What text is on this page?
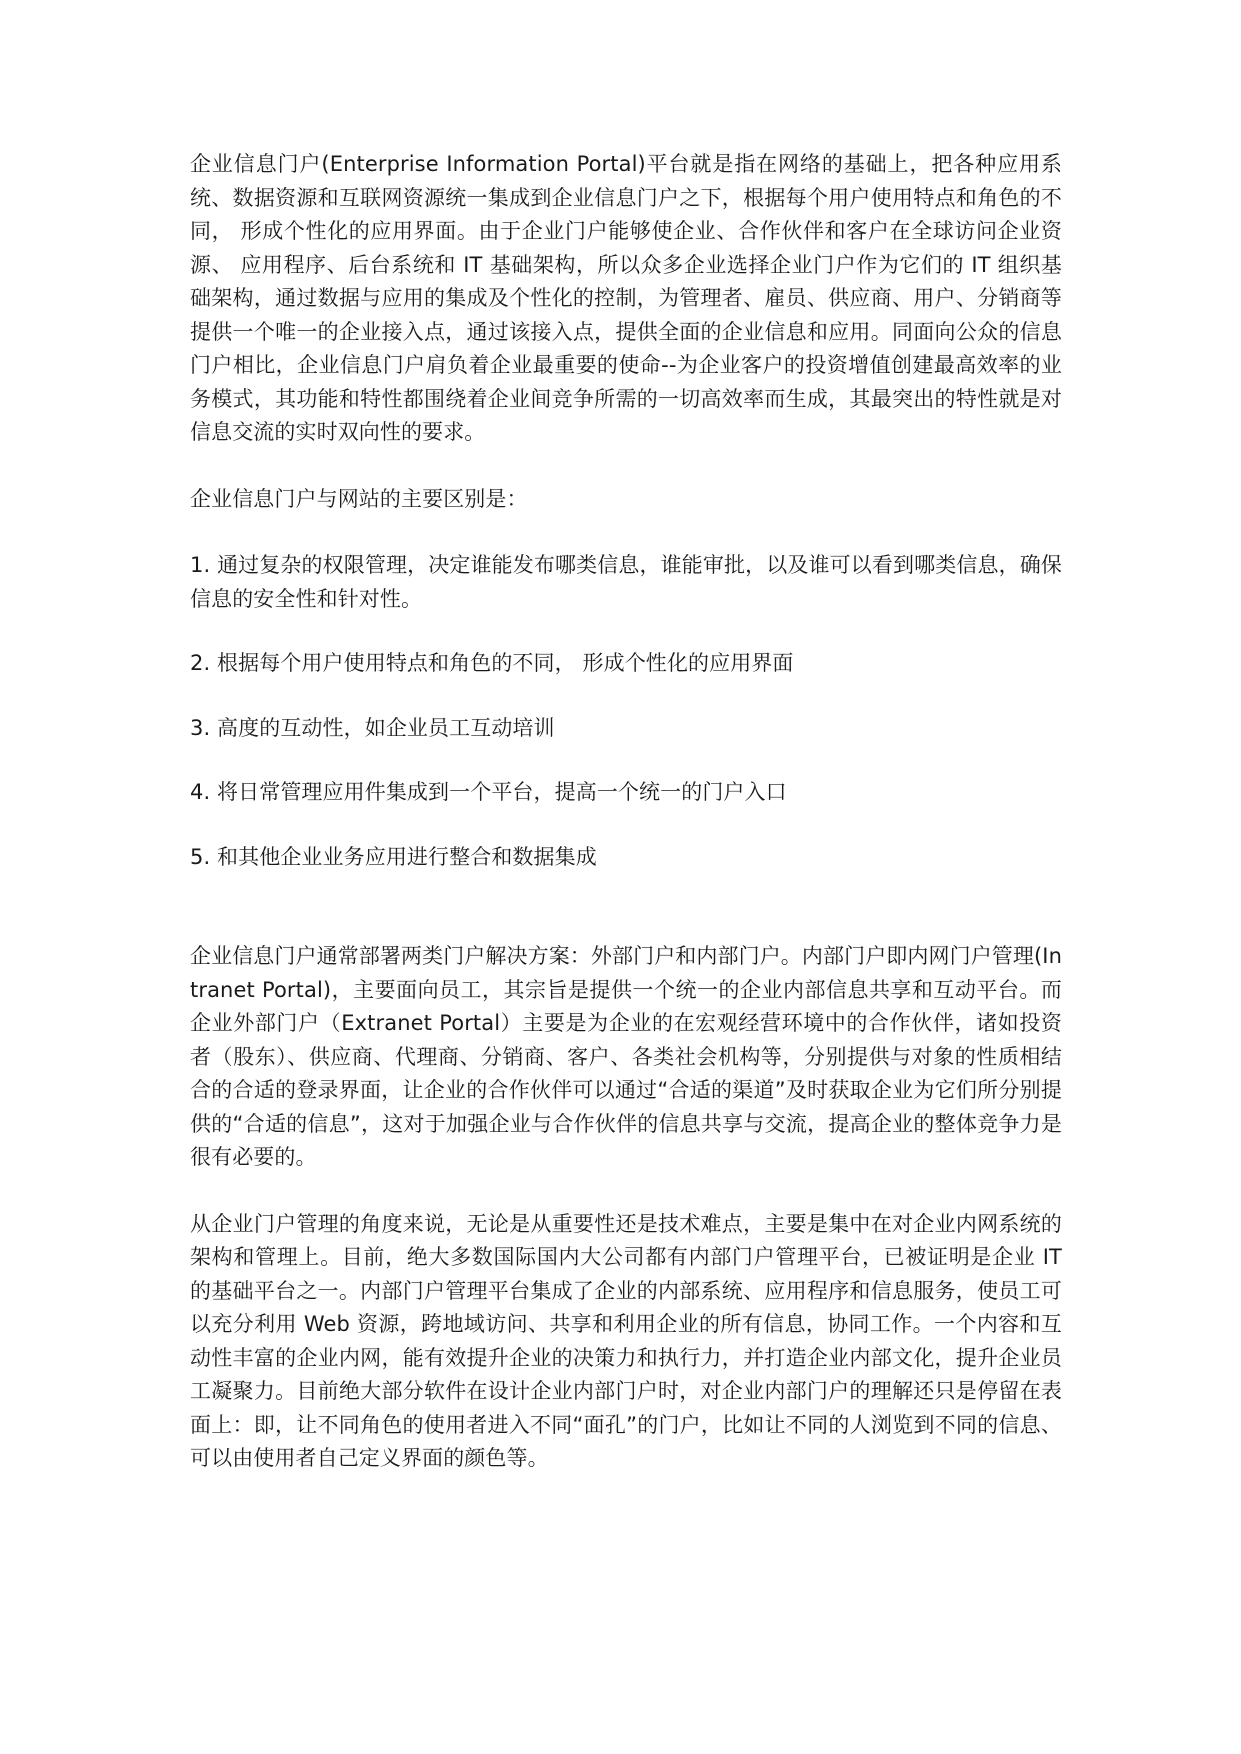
企业信息门户(Enterprise Information Portal)平台就是指在网络的基础上，把各种应用系统、数据资源和互联网资源统一集成到企业信息门户之下，根据每个用户使用特点和角色的不同， 形成个性化的应用界面。由于企业门户能够使企业、合作伙伴和客户在全球访问企业资源、 应用程序、后台系统和 IT 基础架构，所以众多企业选择企业门户作为它们的 IT 组织基础架构，通过数据与应用的集成及个性化的控制，为管理者、雇员、供应商、用户、分销商等提供一个唯一的企业接入点，通过该接入点，提供全面的企业信息和应用。同面向公众的信息门户相比，企业信息门户肩负着企业最重要的使命--为企业客户的投资增值创建最高效率的业务模式，其功能和特性都围绕着企业间竞争所需的一切高效率而生成，其最突出的特性就是对信息交流的实时双向性的要求。

企业信息门户与网站的主要区别是：

1. 通过复杂的权限管理，决定谁能发布哪类信息，谁能审批，以及谁可以看到哪类信息，确保信息的安全性和针对性。

2. 根据每个用户使用特点和角色的不同， 形成个性化的应用界面

3. 高度的互动性，如企业员工互动培训

4. 将日常管理应用件集成到一个平台，提高一个统一的门户入口

5. 和其他企业业务应用进行整合和数据集成

企业信息门户通常部署两类门户解决方案：外部门户和内部门户。内部门户即内网门户管理(Intranet Portal)，主要面向员工，其宗旨是提供一个统一的企业内部信息共享和互动平台。而企业外部门户（Extranet Portal）主要是为企业的在宏观经营环境中的合作伙伴，诸如投资者（股东）、供应商、代理商、分销商、客户、各类社会机构等，分别提供与对象的性质相结合的合适的登录界面，让企业的合作伙伴可以通过“合适的渠道”及时获取企业为它们所分别提供的“合适的信息”，这对于加强企业与合作伙伴的信息共享与交流，提高企业的整体竞争力是很有必要的。

从企业门户管理的角度来说，无论是从重要性还是技术难点，主要是集中在对企业内网系统的架构和管理上。目前，绝大多数国际国内大公司都有内部门户管理平台，已被证明是企业 IT 的基础平台之一。内部门户管理平台集成了企业的内部系统、应用程序和信息服务，使员工可以充分利用 Web 资源，跨地域访问、共享和利用企业的所有信息，协同工作。一个内容和互动性丰富的企业内网，能有效提升企业的决策力和执行力，并打造企业内部文化，提升企业员工凝聚力。目前绝大部分软件在设计企业内部门户时，对企业内部门户的理解还只是停留在表面上：即，让不同角色的使用者进入不同“面孔”的门户，比如让不同的人浏览到不同的信息、可以由使用者自己定义界面的颜色等。
